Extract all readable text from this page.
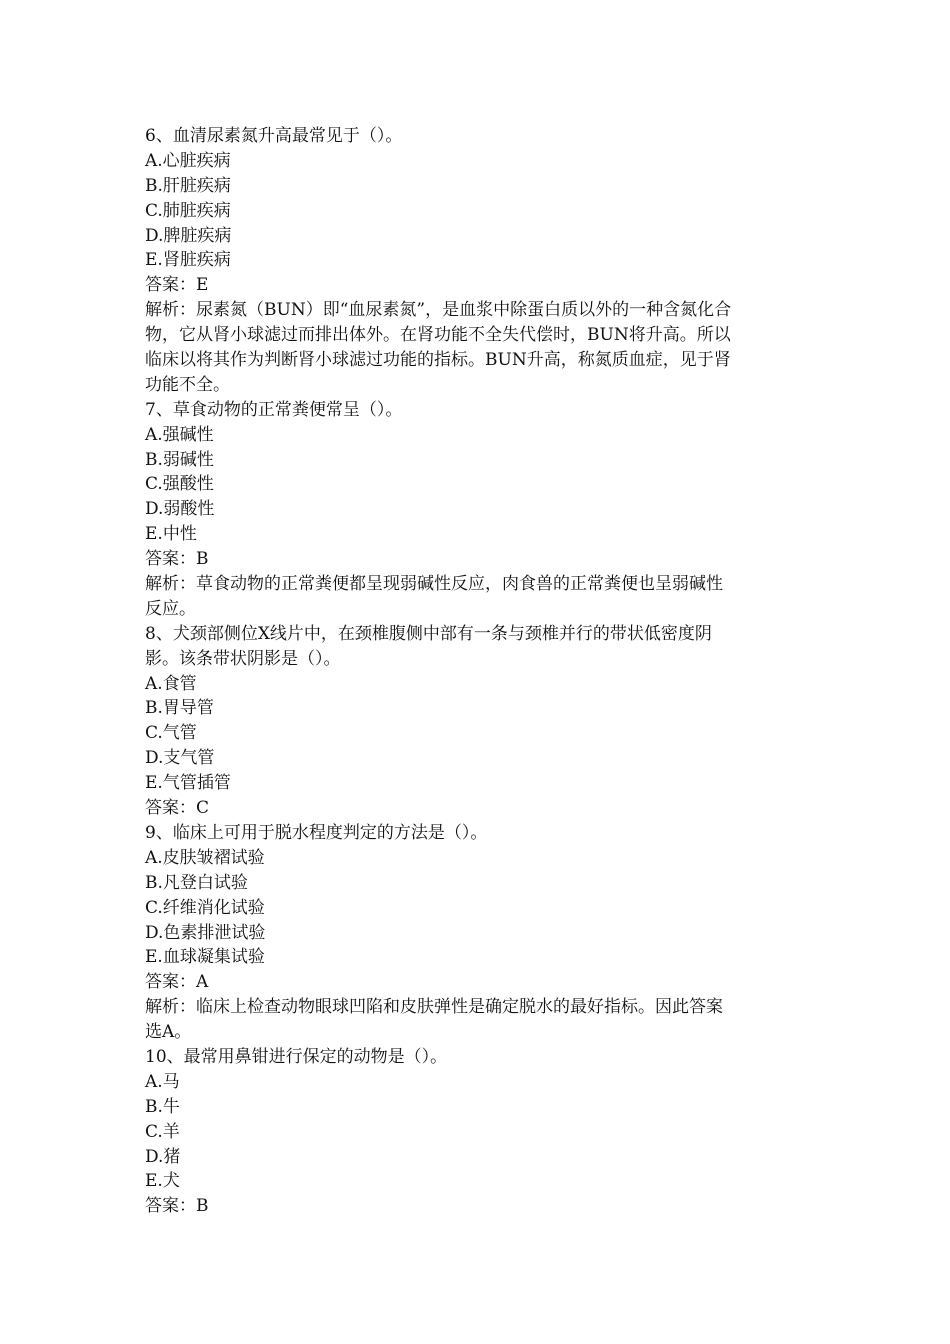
6、血清尿素氮升高最常见于（）。
A.心脏疾病
B.肝脏疾病
C.肺脏疾病
D.脾脏疾病
E.肾脏疾病
答案：E
解析：尿素氮（BUN）即“血尿素氮”，是血浆中除蛋白质以外的一种含氮化合
物，它从肾小球滤过而排出体外。在肾功能不全失代偿时，BUN将升高。所以
临床以将其作为判断肾小球滤过功能的指标。BUN升高，称氮质血症，见于肾
功能不全。
7、草食动物的正常粪便常呈（）。
A.强碱性
B.弱碱性
C.强酸性
D.弱酸性
E.中性
答案：B
解析：草食动物的正常粪便都呈现弱碱性反应，肉食兽的正常粪便也呈弱碱性
反应。
8、犬颈部侧位X线片中，在颈椎腹侧中部有一条与颈椎并行的带状低密度阴
影。该条带状阴影是（）。
A.食管
B.胃导管
C.气管
D.支气管
E.气管插管
答案：C
9、临床上可用于脱水程度判定的方法是（）。
A.皮肤皱褶试验
B.凡登白试验
C.纤维消化试验
D.色素排泄试验
E.血球凝集试验
答案：A
解析：临床上检查动物眼球凹陷和皮肤弹性是确定脱水的最好指标。因此答案
选A。
10、最常用鼻钳进行保定的动物是（）。
A.马
B.牛
C.羊
D.猪
E.犬
答案：B
